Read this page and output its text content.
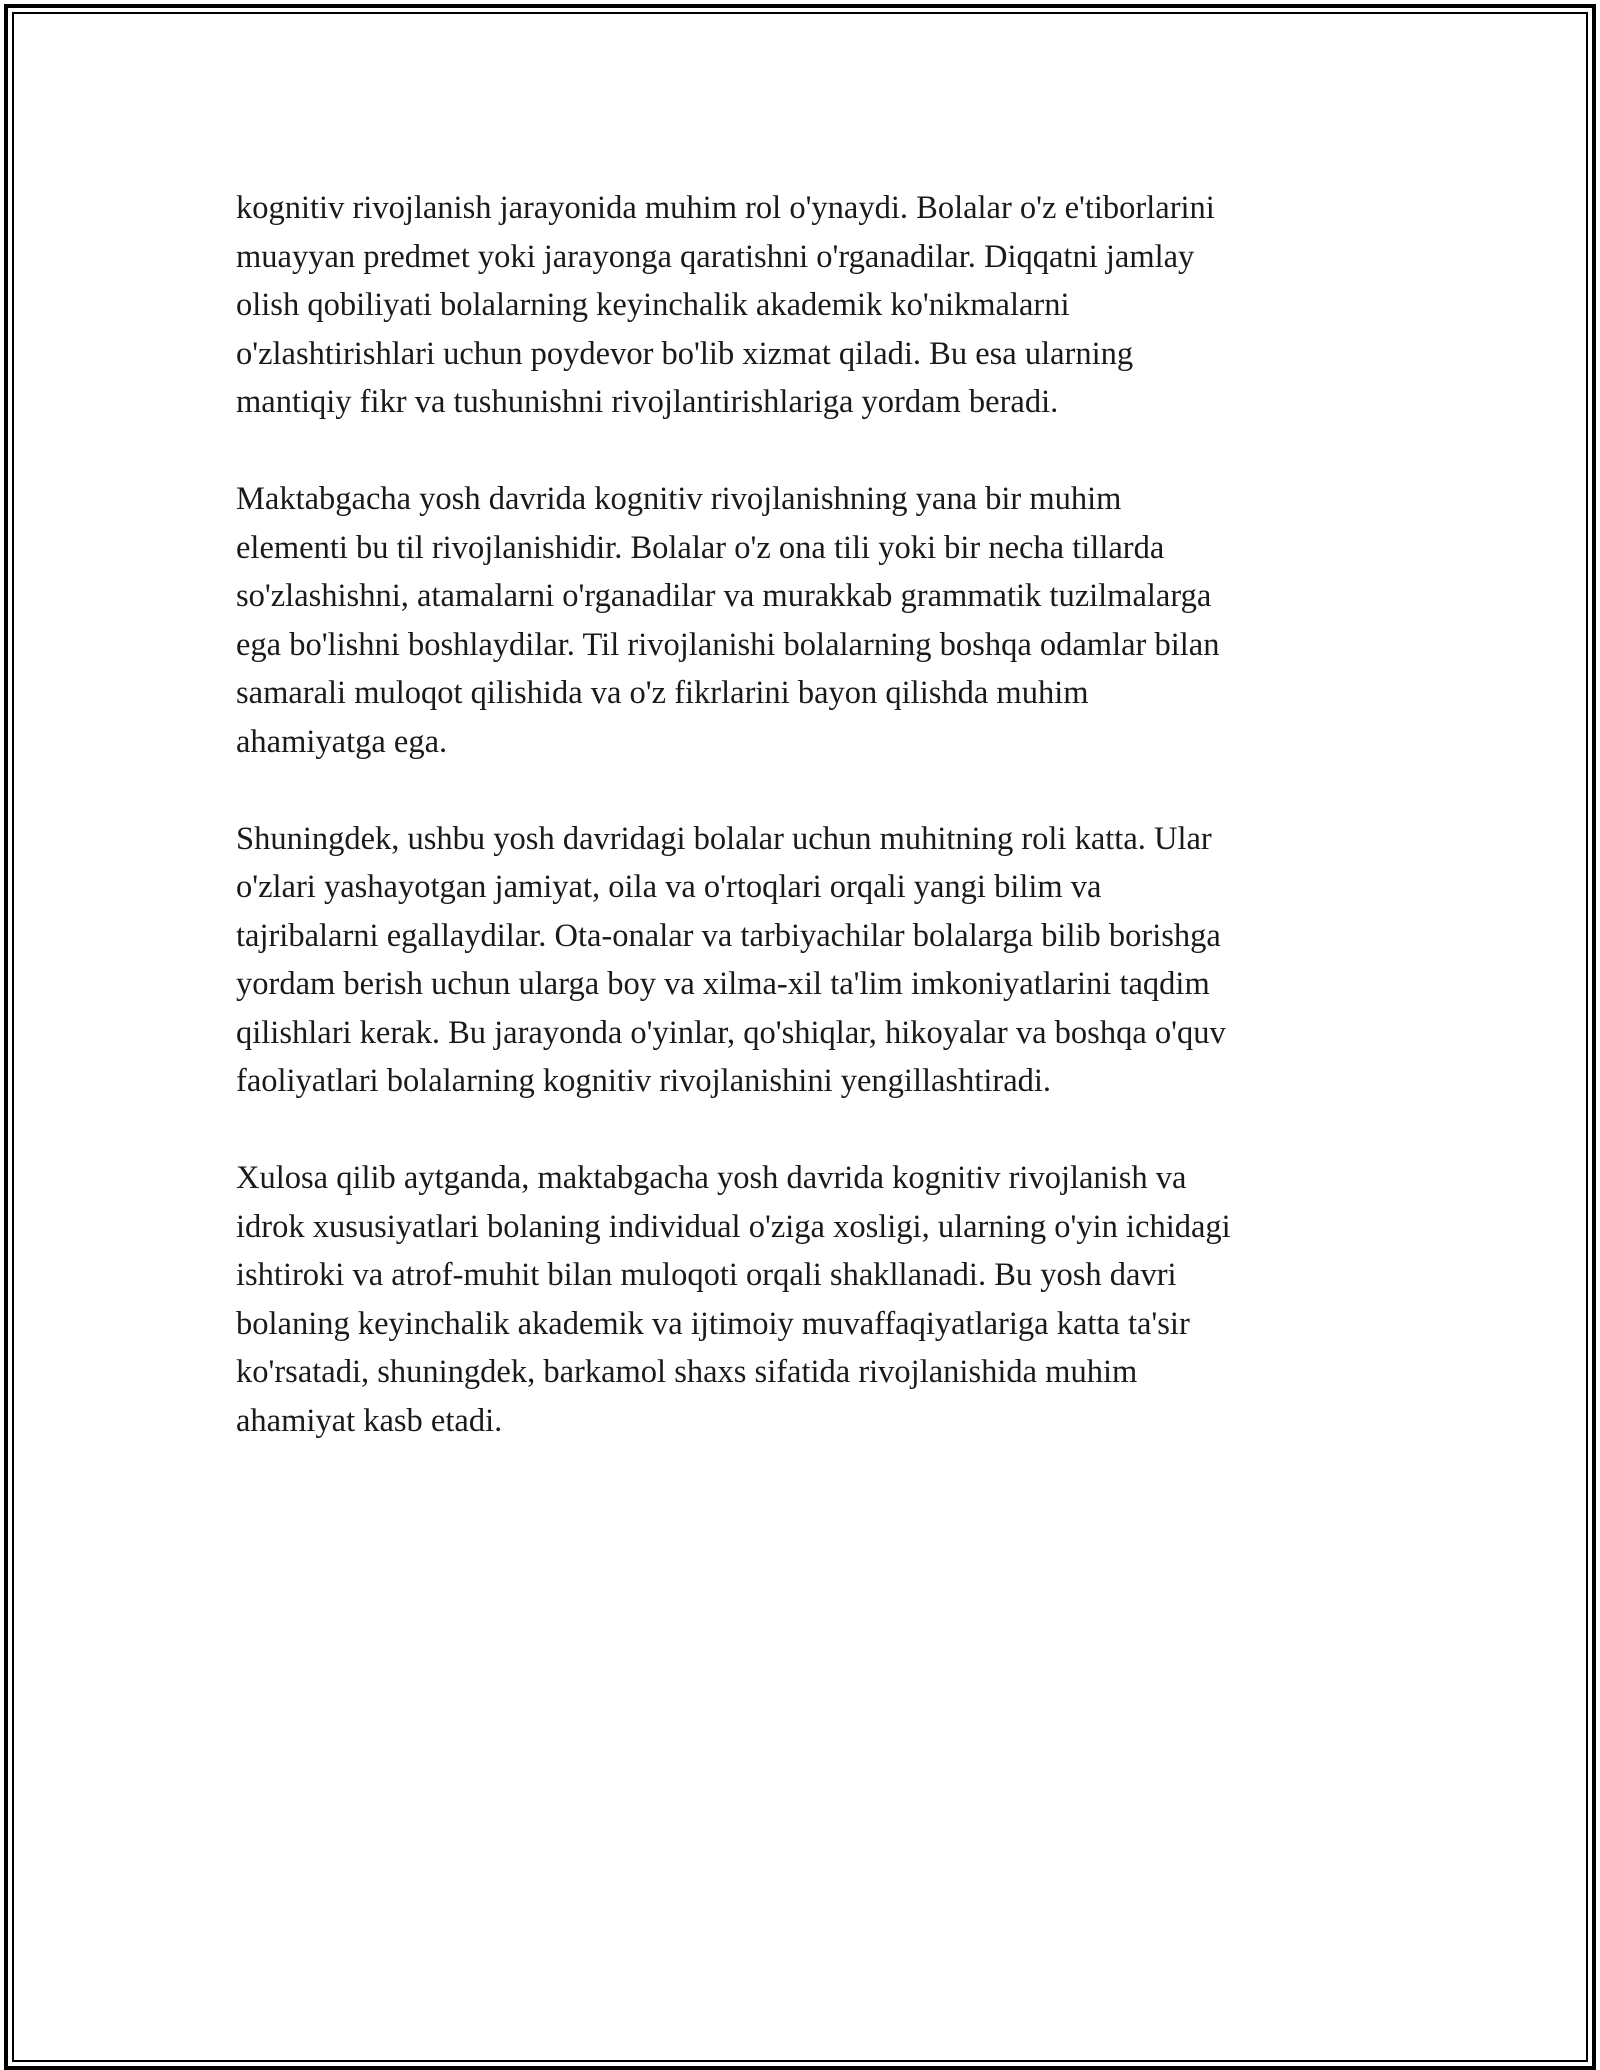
kognitiv rivojlanish jarayonida muhim rol o'ynaydi. Bolalar o'z e'tiborlarini
muayyan predmet yoki jarayonga qaratishni o'rganadilar. Diqqatni jamlay
olish qobiliyati bolalarning keyinchalik akademik ko'nikmalarni
o'zlashtirishlari uchun poydevor bo'lib xizmat qiladi. Bu esa ularning
mantiqiy fikr va tushunishni rivojlantirishlariga yordam beradi.

Maktabgacha yosh davrida kognitiv rivojlanishning yana bir muhim
elementi bu til rivojlanishidir. Bolalar o'z ona tili yoki bir necha tillarda
so'zlashishni, atamalarni o'rganadilar va murakkab grammatik tuzilmalarga
ega bo'lishni boshlaydilar. Til rivojlanishi bolalarning boshqa odamlar bilan
samarali muloqot qilishida va o'z fikrlarini bayon qilishda muhim
ahamiyatga ega.

Shuningdek, ushbu yosh davridagi bolalar uchun muhitning roli katta. Ular
o'zlari yashayotgan jamiyat, oila va o'rtoqlari orqali yangi bilim va
tajribalarni egallaydilar. Ota-onalar va tarbiyachilar bolalarga bilib borishga
yordam berish uchun ularga boy va xilma-xil ta'lim imkoniyatlarini taqdim
qilishlari kerak. Bu jarayonda o'yinlar, qo'shiqlar, hikoyalar va boshqa o'quv
faoliyatlari bolalarning kognitiv rivojlanishini yengillashtiradi.

Xulosa qilib aytganda, maktabgacha yosh davrida kognitiv rivojlanish va
idrok xususiyatlari bolaning individual o'ziga xosligi, ularning o'yin ichidagi
ishtiroki va atrof-muhit bilan muloqoti orqali shakllanadi. Bu yosh davri
bolaning keyinchalik akademik va ijtimoiy muvaffaqiyatlariga katta ta'sir
ko'rsatadi, shuningdek, barkamol shaxs sifatida rivojlanishida muhim
ahamiyat kasb etadi.
